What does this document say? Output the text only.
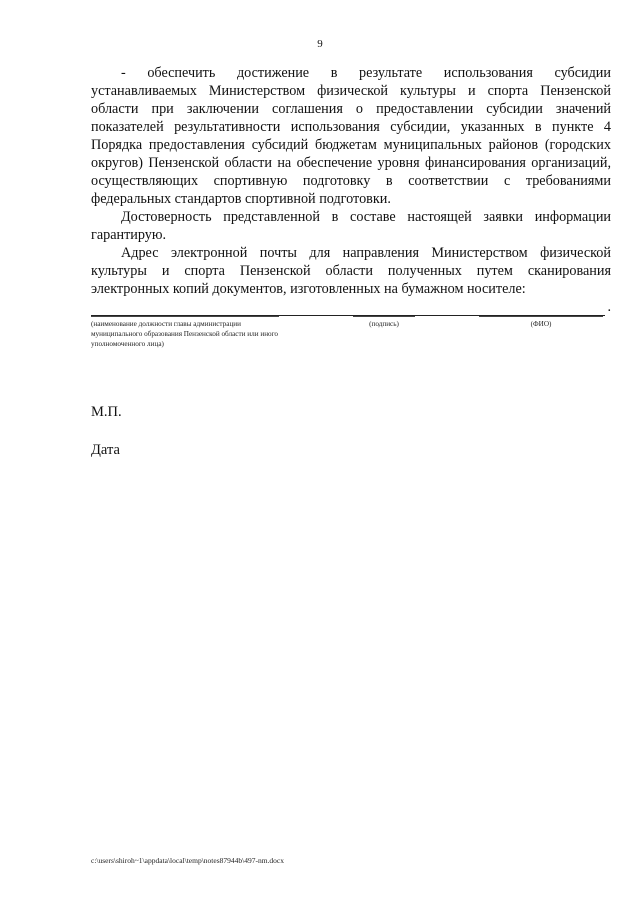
9

- обеспечить достижение в результате использования субсидии устанавливаемых Министерством физической культуры и спорта Пензенской области при заключении соглашения о предоставлении субсидии значений показателей результативности использования субсидии, указанных в пункте 4 Порядка предоставления субсидий бюджетам муниципальных районов (городских округов) Пензенской области на обеспечение уровня финансирования организаций, осуществляющих спортивную подготовку в соответствии с требованиями федеральных стандартов спортивной подготовки.

Достоверность представленной в составе настоящей заявки информации гарантирую.

Адрес электронной почты для направления Министерством физической культуры и спорта Пензенской области полученных путем сканирования электронных копий документов, изготовленных на бумажном носителе:

.
(наименование должности главы администрации муниципального образования Пензенской области или иного уполномоченного лица)
(подпись)	(ФИО)
М.П.
Дата
c:\users\shiroh~1\appdata\local\temp\notes87944b\497-nm.docx
